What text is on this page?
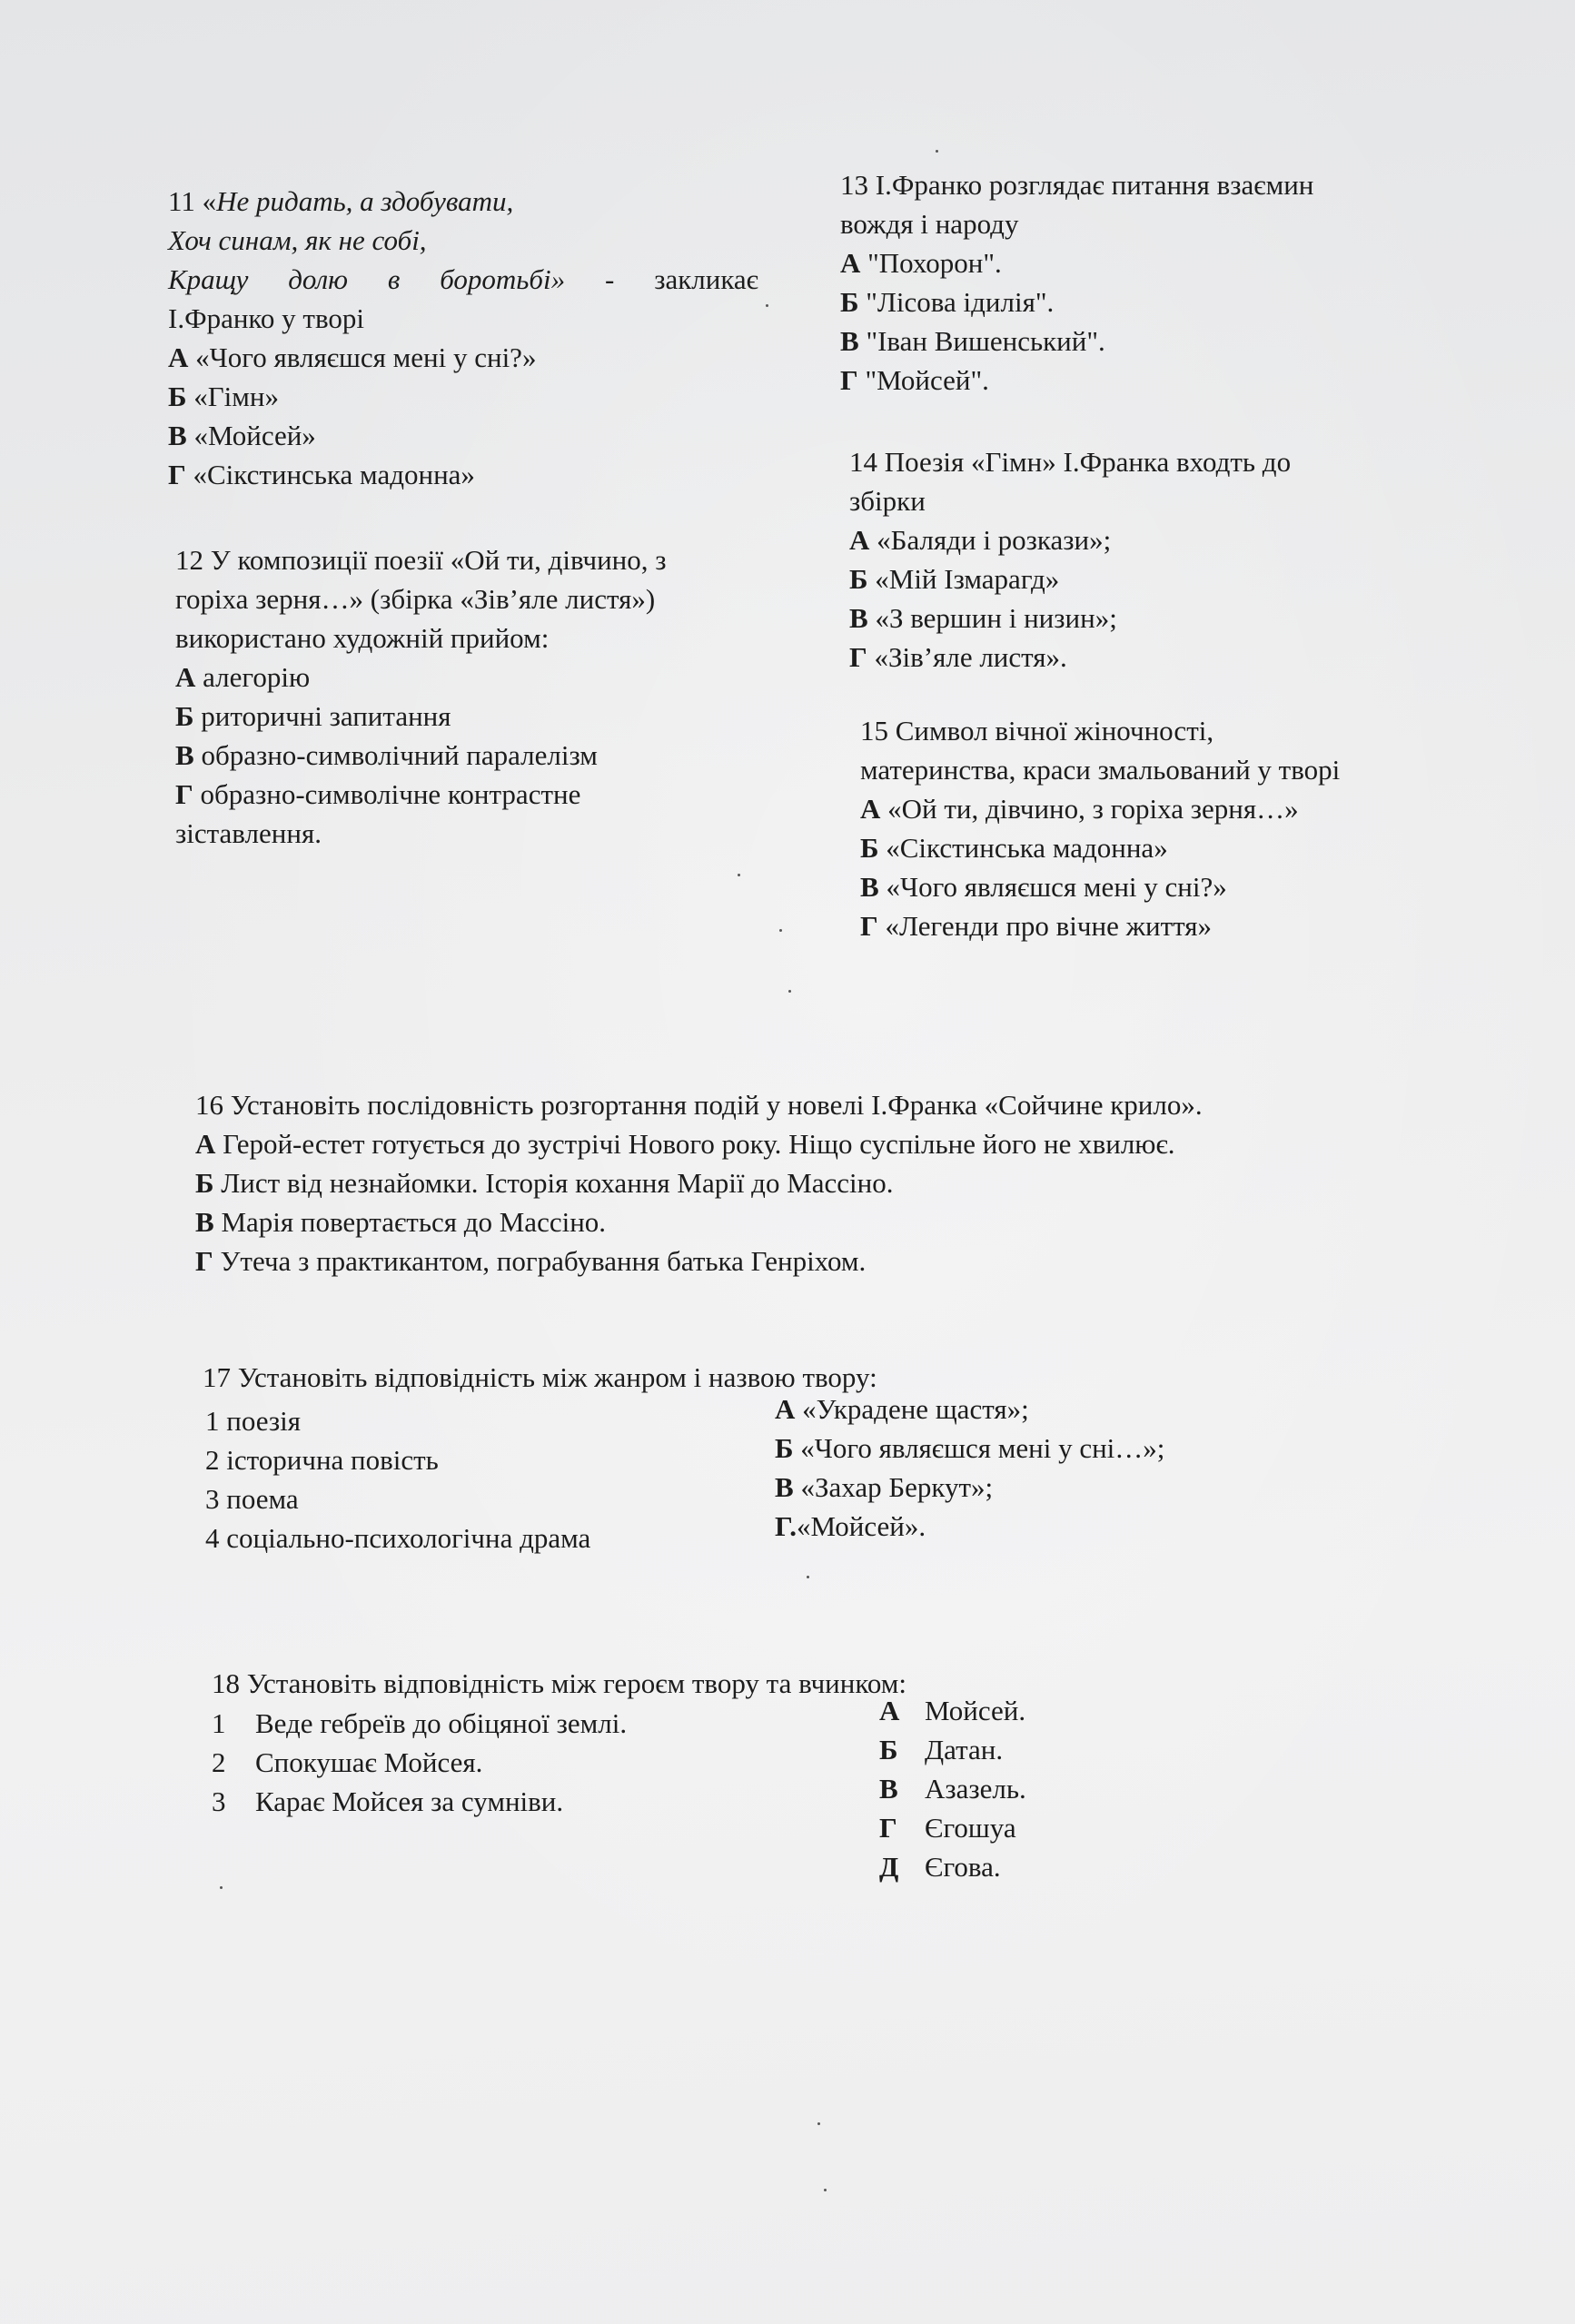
11 «Не ридать, а здобувати,

Хоч синам, як не собі,

Кращу долю в боротьбі» - закликає

І.Франко у творі

А «Чого являєшся мені у сні?»

Б «Гімн»

В «Мойсей»

Г «Сікстинська мадонна»

12 У композиції поезії «Ой ти, дівчино, з

горіха зерня…» (збірка «Зів’яле листя»)

використано художній прийом:

А алегорію

Б риторичні запитання

В образно-символічний паралелізм

Г образно-символічне контрастне

зіставлення.

13 І.Франко розглядає питання взаємин

вождя і народу

А "Похорон".

Б "Лісова ідилія".

В "Іван Вишенський".

Г "Мойсей".

14 Поезія «Гімн» І.Франка входть до

збірки

А «Баляди і розкази»;

Б «Мій Ізмарагд»

В «З вершин і низин»;

Г «Зів’яле листя».

15 Символ вічної жіночності,

материнства, краси змальований у творі

А «Ой ти, дівчино, з горіха зерня…»

Б «Сікстинська мадонна»

В «Чого являєшся мені у сні?»

Г «Легенди про вічне життя»

16 Установіть послідовність розгортання подій у новелі І.Франка «Сойчине крило».

А Герой-естет готується до зустрічі Нового року. Ніщо суспільне його не хвилює.

Б Лист від незнайомки. Історія кохання Марії до Массіно.

В Марія повертається до Массіно.

Г Утеча з практикантом, пограбування батька Генріхом.

17 Установіть відповідність між жанром і назвою твору:

1 поезія

2 історична повість

3 поема

4 соціально-психологічна драма

А «Украдене щастя»;

Б «Чого являєшся мені у сні…»;

В «Захар Беркут»;

Г.«Мойсей».

18 Установіть відповідність між героєм твору та вчинком:

1	Веде гебреїв до обіцяної землі.

2	Спокушає Мойсея.

3	Карає Мойсея за сумніви.

А Мойсей.

Б Датан.

В Азазель.

Г Єгошуа

Д Єгова.
